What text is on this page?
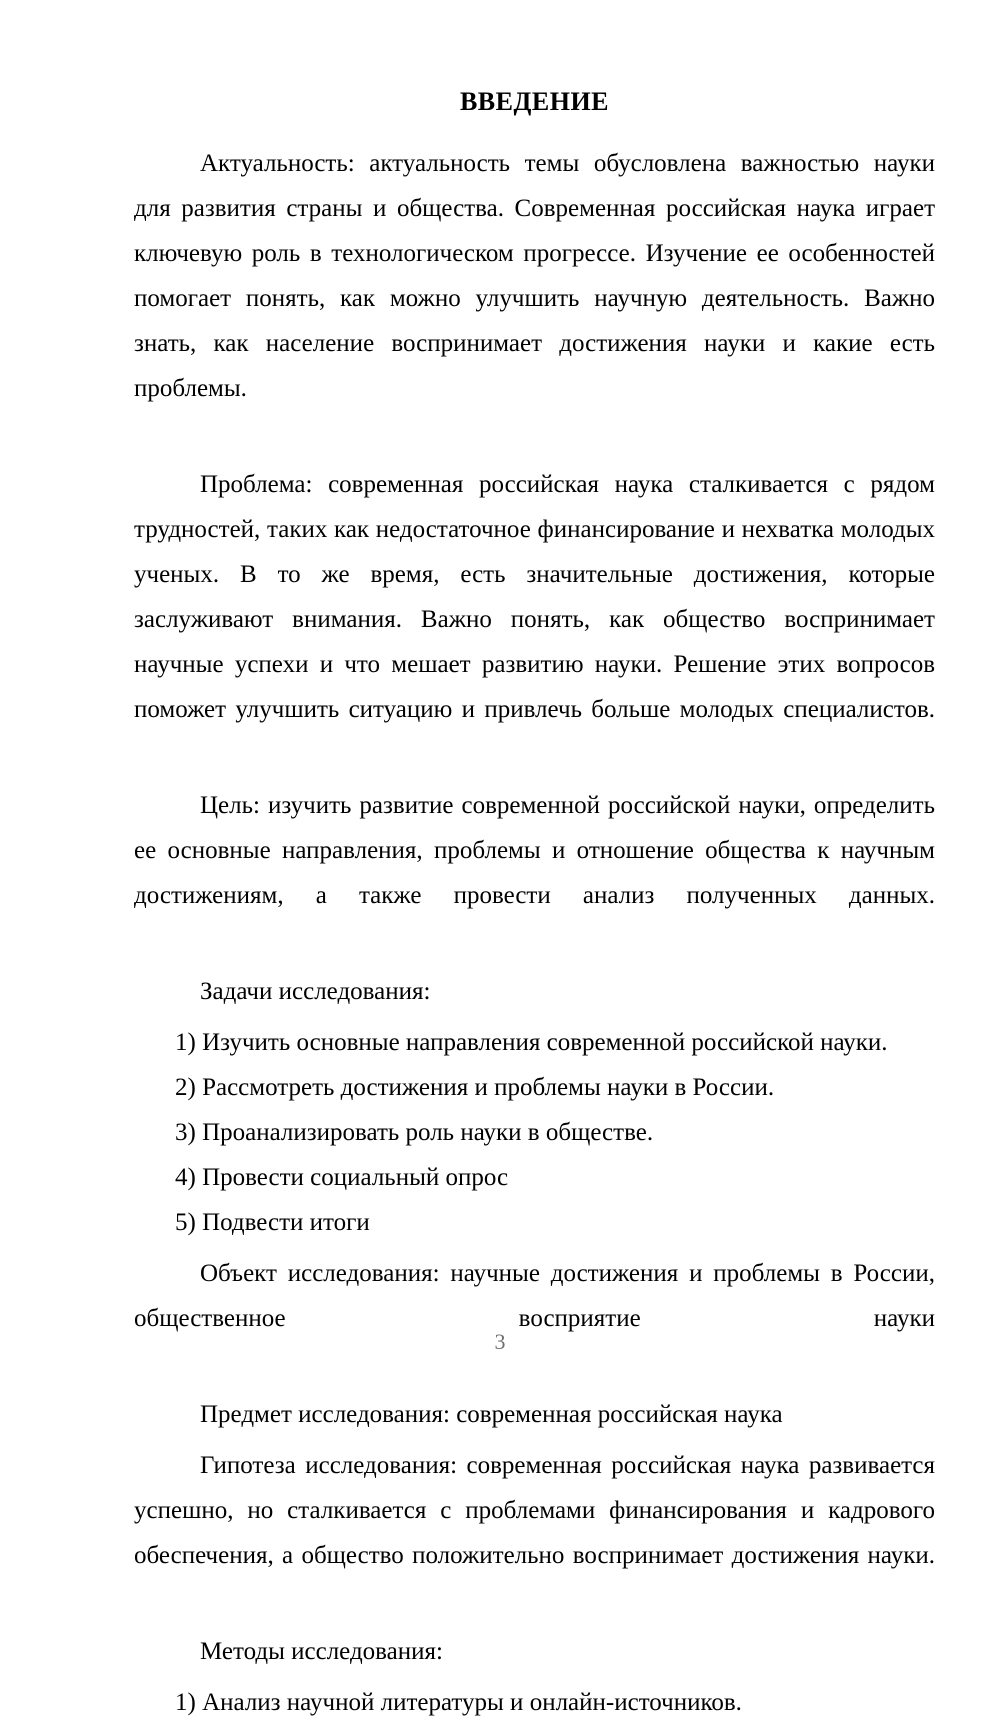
ВВЕДЕНИЕ

Актуальность: актуальность темы обусловлена важностью науки для развития страны и общества. Современная российская наука играет ключевую роль в технологическом прогрессе. Изучение ее особенностей помогает понять, как можно улучшить научную деятельность. Важно знать, как население воспринимает достижения науки и какие есть проблемы.

Проблема: современная российская наука сталкивается с рядом трудностей, таких как недостаточное финансирование и нехватка молодых ученых. В то же время, есть значительные достижения, которые заслуживают внимания. Важно понять, как общество воспринимает научные успехи и что мешает развитию науки. Решение этих вопросов поможет улучшить ситуацию и привлечь больше молодых специалистов.

Цель: изучить развитие современной российской науки, определить ее основные направления, проблемы и отношение общества к научным достижениям, а также провести анализ полученных данных.

Задачи исследования:

1) Изучить основные направления современной российской науки.
2) Рассмотреть достижения и проблемы науки в России.
3) Проанализировать роль науки в обществе.
4) Провести социальный опрос
5) Подвести итоги

Объект исследования: научные достижения и проблемы в России, общественное восприятие науки

Предмет исследования: современная российская наука

Гипотеза исследования: современная российская наука развивается успешно, но сталкивается с проблемами финансирования и кадрового обеспечения, а общество положительно воспринимает достижения науки.

Методы исследования:

1) Анализ научной литературы и онлайн-источников.
3
